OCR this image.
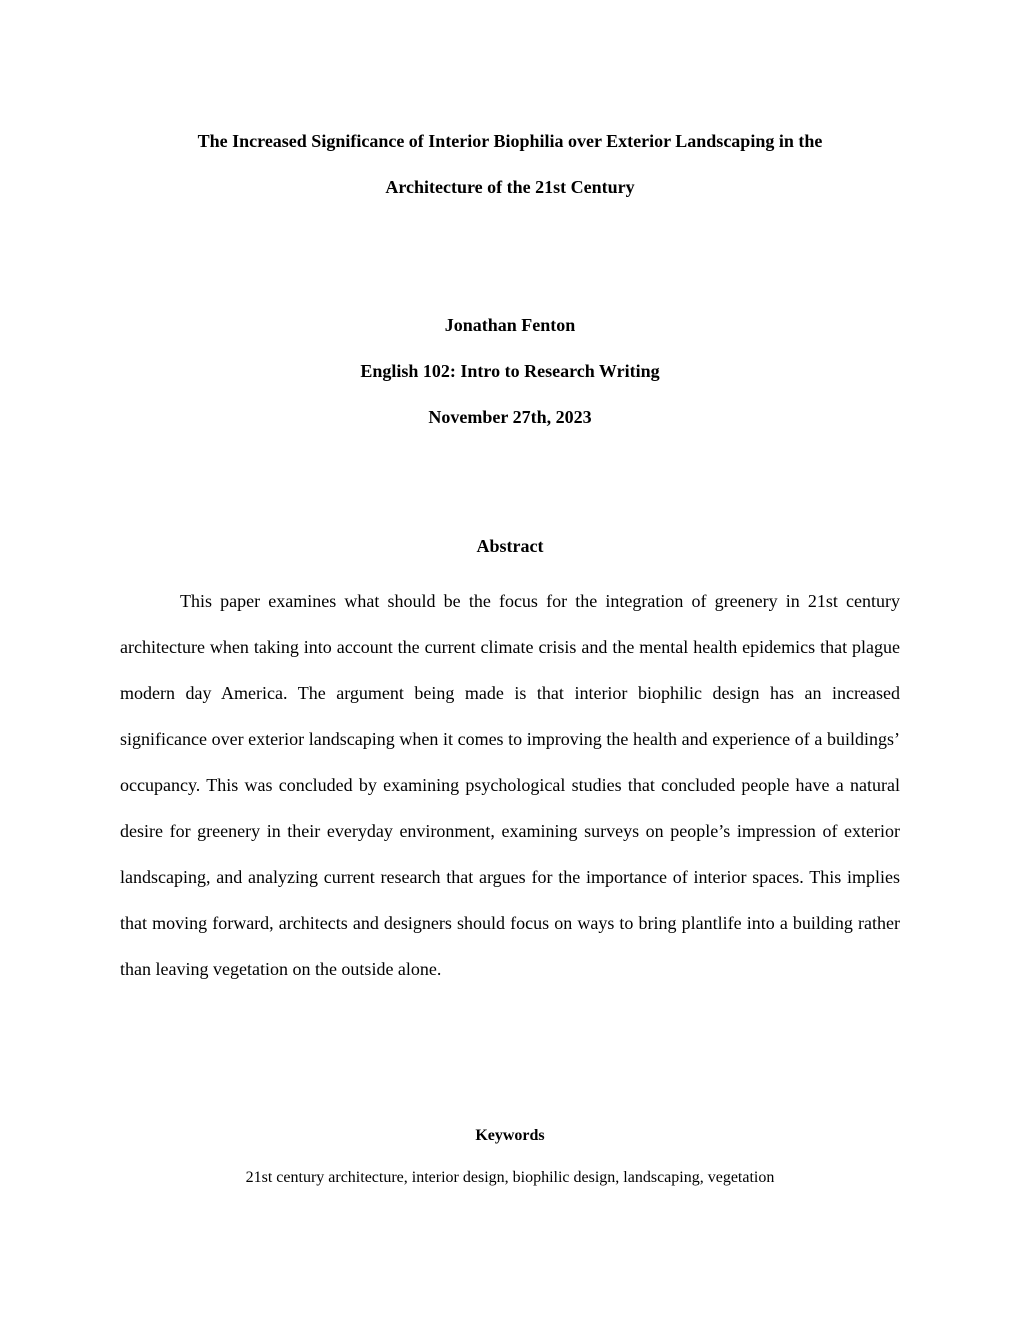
The Increased Significance of Interior Biophilia over Exterior Landscaping in the

Architecture of the 21st Century

Jonathan Fenton

English 102: Intro to Research Writing

November 27th, 2023

Abstract

This paper examines what should be the focus for the integration of greenery in 21st century architecture when taking into account the current climate crisis and the mental health epidemics that plague modern day America. The argument being made is that interior biophilic design has an increased significance over exterior landscaping when it comes to improving the health and experience of a buildings’ occupancy. This was concluded by examining psychological studies that concluded people have a natural desire for greenery in their everyday environment, examining surveys on people’s impression of exterior landscaping, and analyzing current research that argues for the importance of interior spaces. This implies that moving forward, architects and designers should focus on ways to bring plantlife into a building rather than leaving vegetation on the outside alone.

Keywords

21st century architecture, interior design, biophilic design, landscaping, vegetation
